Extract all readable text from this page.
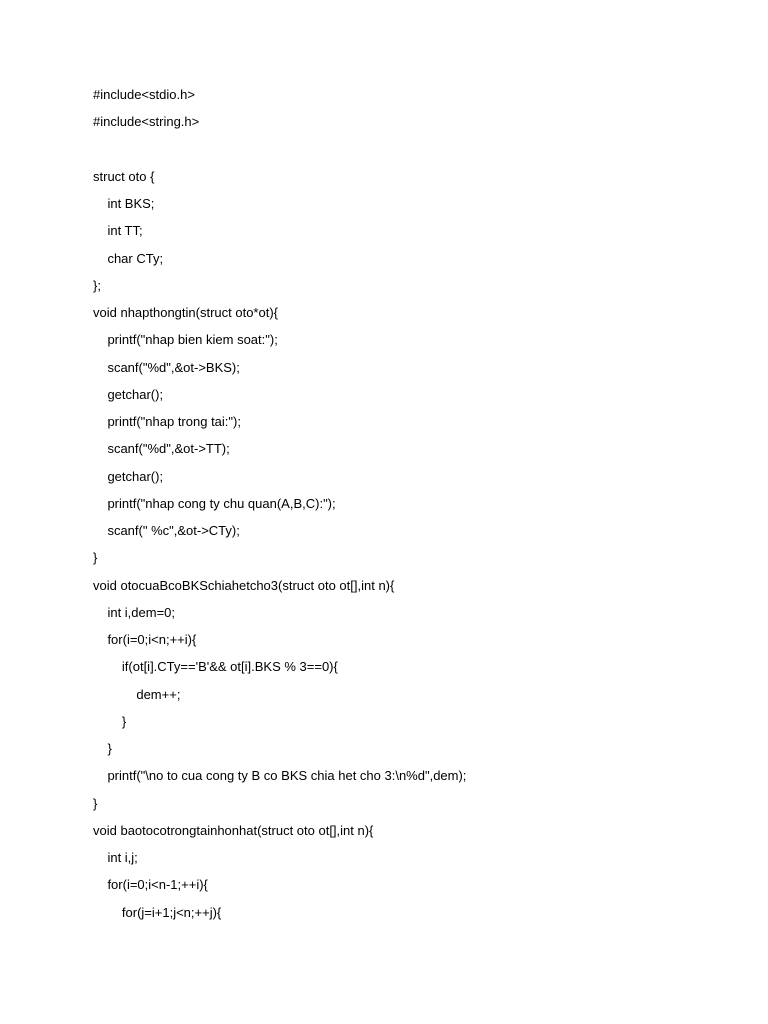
#include<stdio.h>
#include<string.h>
struct oto {
int BKS;
int TT;
char CTy;
};
void nhapthongtin(struct oto*ot){
printf("nhap bien kiem soat:");
scanf("%d",&ot->BKS);
getchar();
printf("nhap trong tai:");
scanf("%d",&ot->TT);
getchar();
printf("nhap cong ty chu quan(A,B,C):");
scanf(" %c",&ot->CTy);
}
void otocuaBcoBKSchiahetcho3(struct oto ot[],int n){
int i,dem=0;
for(i=0;i<n;++i){
if(ot[i].CTy=='B'&& ot[i].BKS % 3==0){
dem++;
}
}
printf("\no to cua cong ty B co BKS chia het cho 3:\n%d",dem);
}
void baotocotrongtainhonhat(struct oto ot[],int n){
int i,j;
for(i=0;i<n-1;++i){
for(j=i+1;j<n;++j){
